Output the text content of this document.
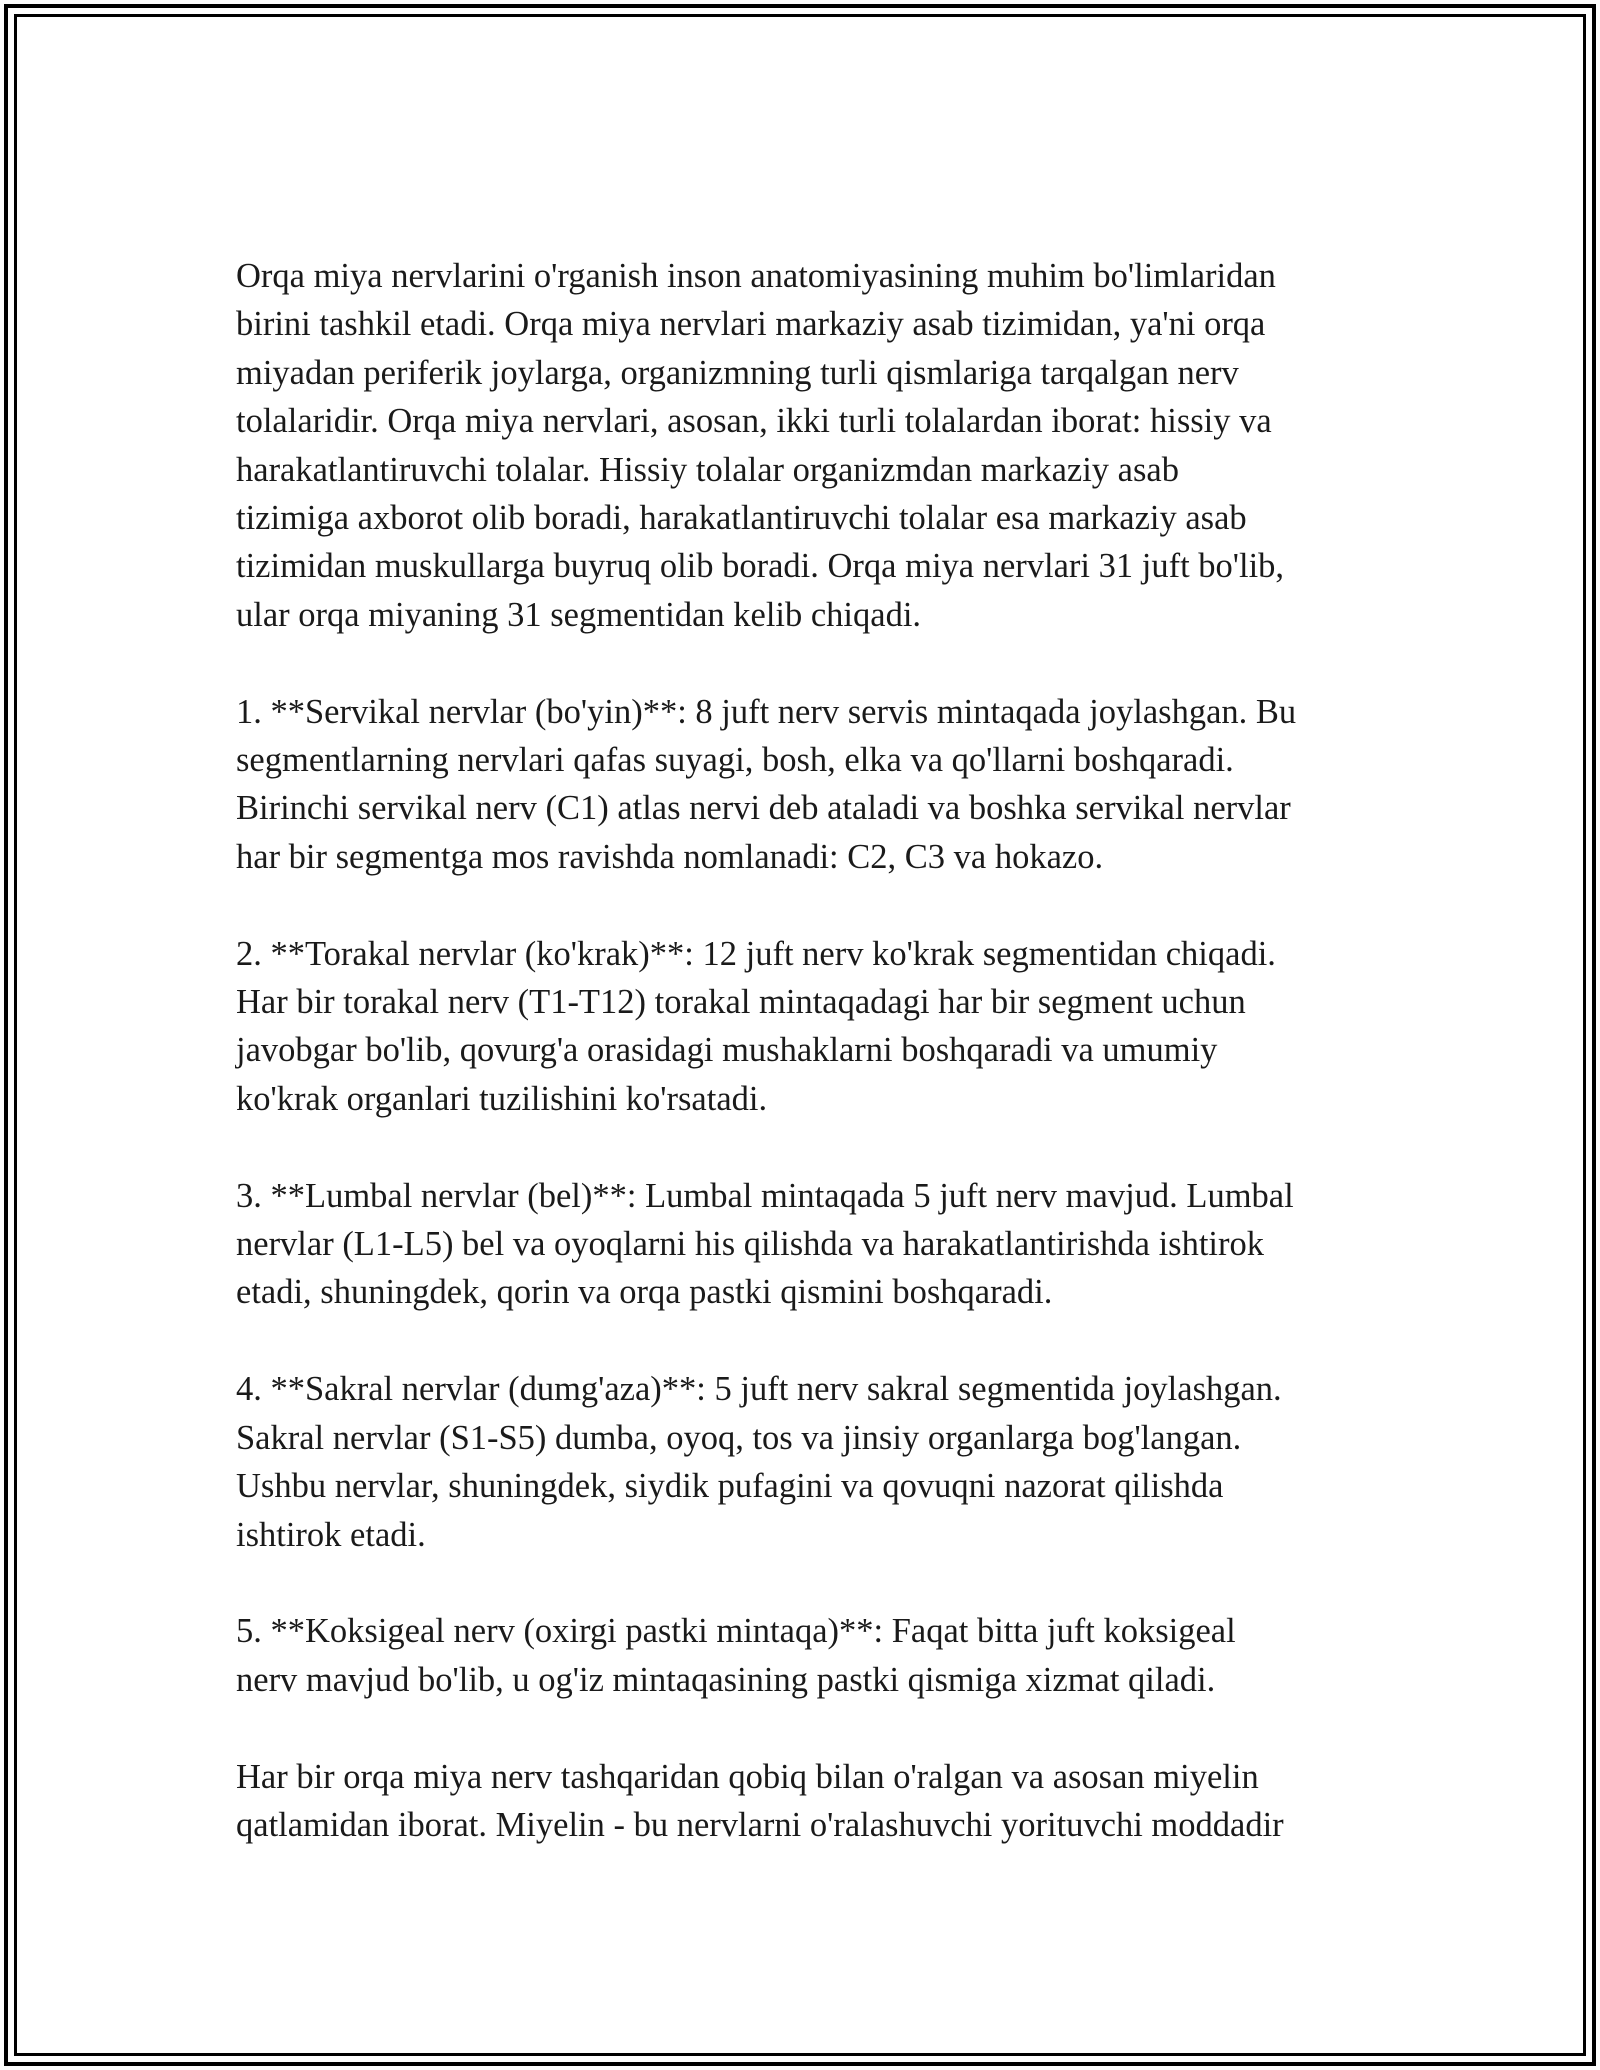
Orqa miya nervlarini o'rganish inson anatomiyasining muhim bo'limlaridan
birini tashkil etadi. Orqa miya nervlari markaziy asab tizimidan, ya'ni orqa
miyadan periferik joylarga, organizmning turli qismlariga tarqalgan nerv
tolalaridir. Orqa miya nervlari, asosan, ikki turli tolalardan iborat: hissiy va
harakatlantiruvchi tolalar. Hissiy tolalar organizmdan markaziy asab
tizimiga axborot olib boradi, harakatlantiruvchi tolalar esa markaziy asab
tizimidan muskullarga buyruq olib boradi. Orqa miya nervlari 31 juft bo'lib,
ular orqa miyaning 31 segmentidan kelib chiqadi.

1. **Servikal nervlar (bo'yin)**: 8 juft nerv servis mintaqada joylashgan. Bu
segmentlarning nervlari qafas suyagi, bosh, elka va qo'llarni boshqaradi.
Birinchi servikal nerv (C1) atlas nervi deb ataladi va boshka servikal nervlar
har bir segmentga mos ravishda nomlanadi: C2, C3 va hokazo.

2. **Torakal nervlar (ko'krak)**: 12 juft nerv ko'krak segmentidan chiqadi.
Har bir torakal nerv (T1-T12) torakal mintaqadagi har bir segment uchun
javobgar bo'lib, qovurg'a orasidagi mushaklarni boshqaradi va umumiy
ko'krak organlari tuzilishini ko'rsatadi.

3. **Lumbal nervlar (bel)**: Lumbal mintaqada 5 juft nerv mavjud. Lumbal
nervlar (L1-L5) bel va oyoqlarni his qilishda va harakatlantirishda ishtirok
etadi, shuningdek, qorin va orqa pastki qismini boshqaradi.

4. **Sakral nervlar (dumg'aza)**: 5 juft nerv sakral segmentida joylashgan.
Sakral nervlar (S1-S5) dumba, oyoq, tos va jinsiy organlarga bog'langan.
Ushbu nervlar, shuningdek, siydik pufagini va qovuqni nazorat qilishda
ishtirok etadi.

5. **Koksigeal nerv (oxirgi pastki mintaqa)**: Faqat bitta juft koksigeal
nerv mavjud bo'lib, u og'iz mintaqasining pastki qismiga xizmat qiladi.

Har bir orqa miya nerv tashqaridan qobiq bilan o'ralgan va asosan miyelin
qatlamidan iborat. Miyelin - bu nervlarni o'ralashuvchi yorituvchi moddadir
